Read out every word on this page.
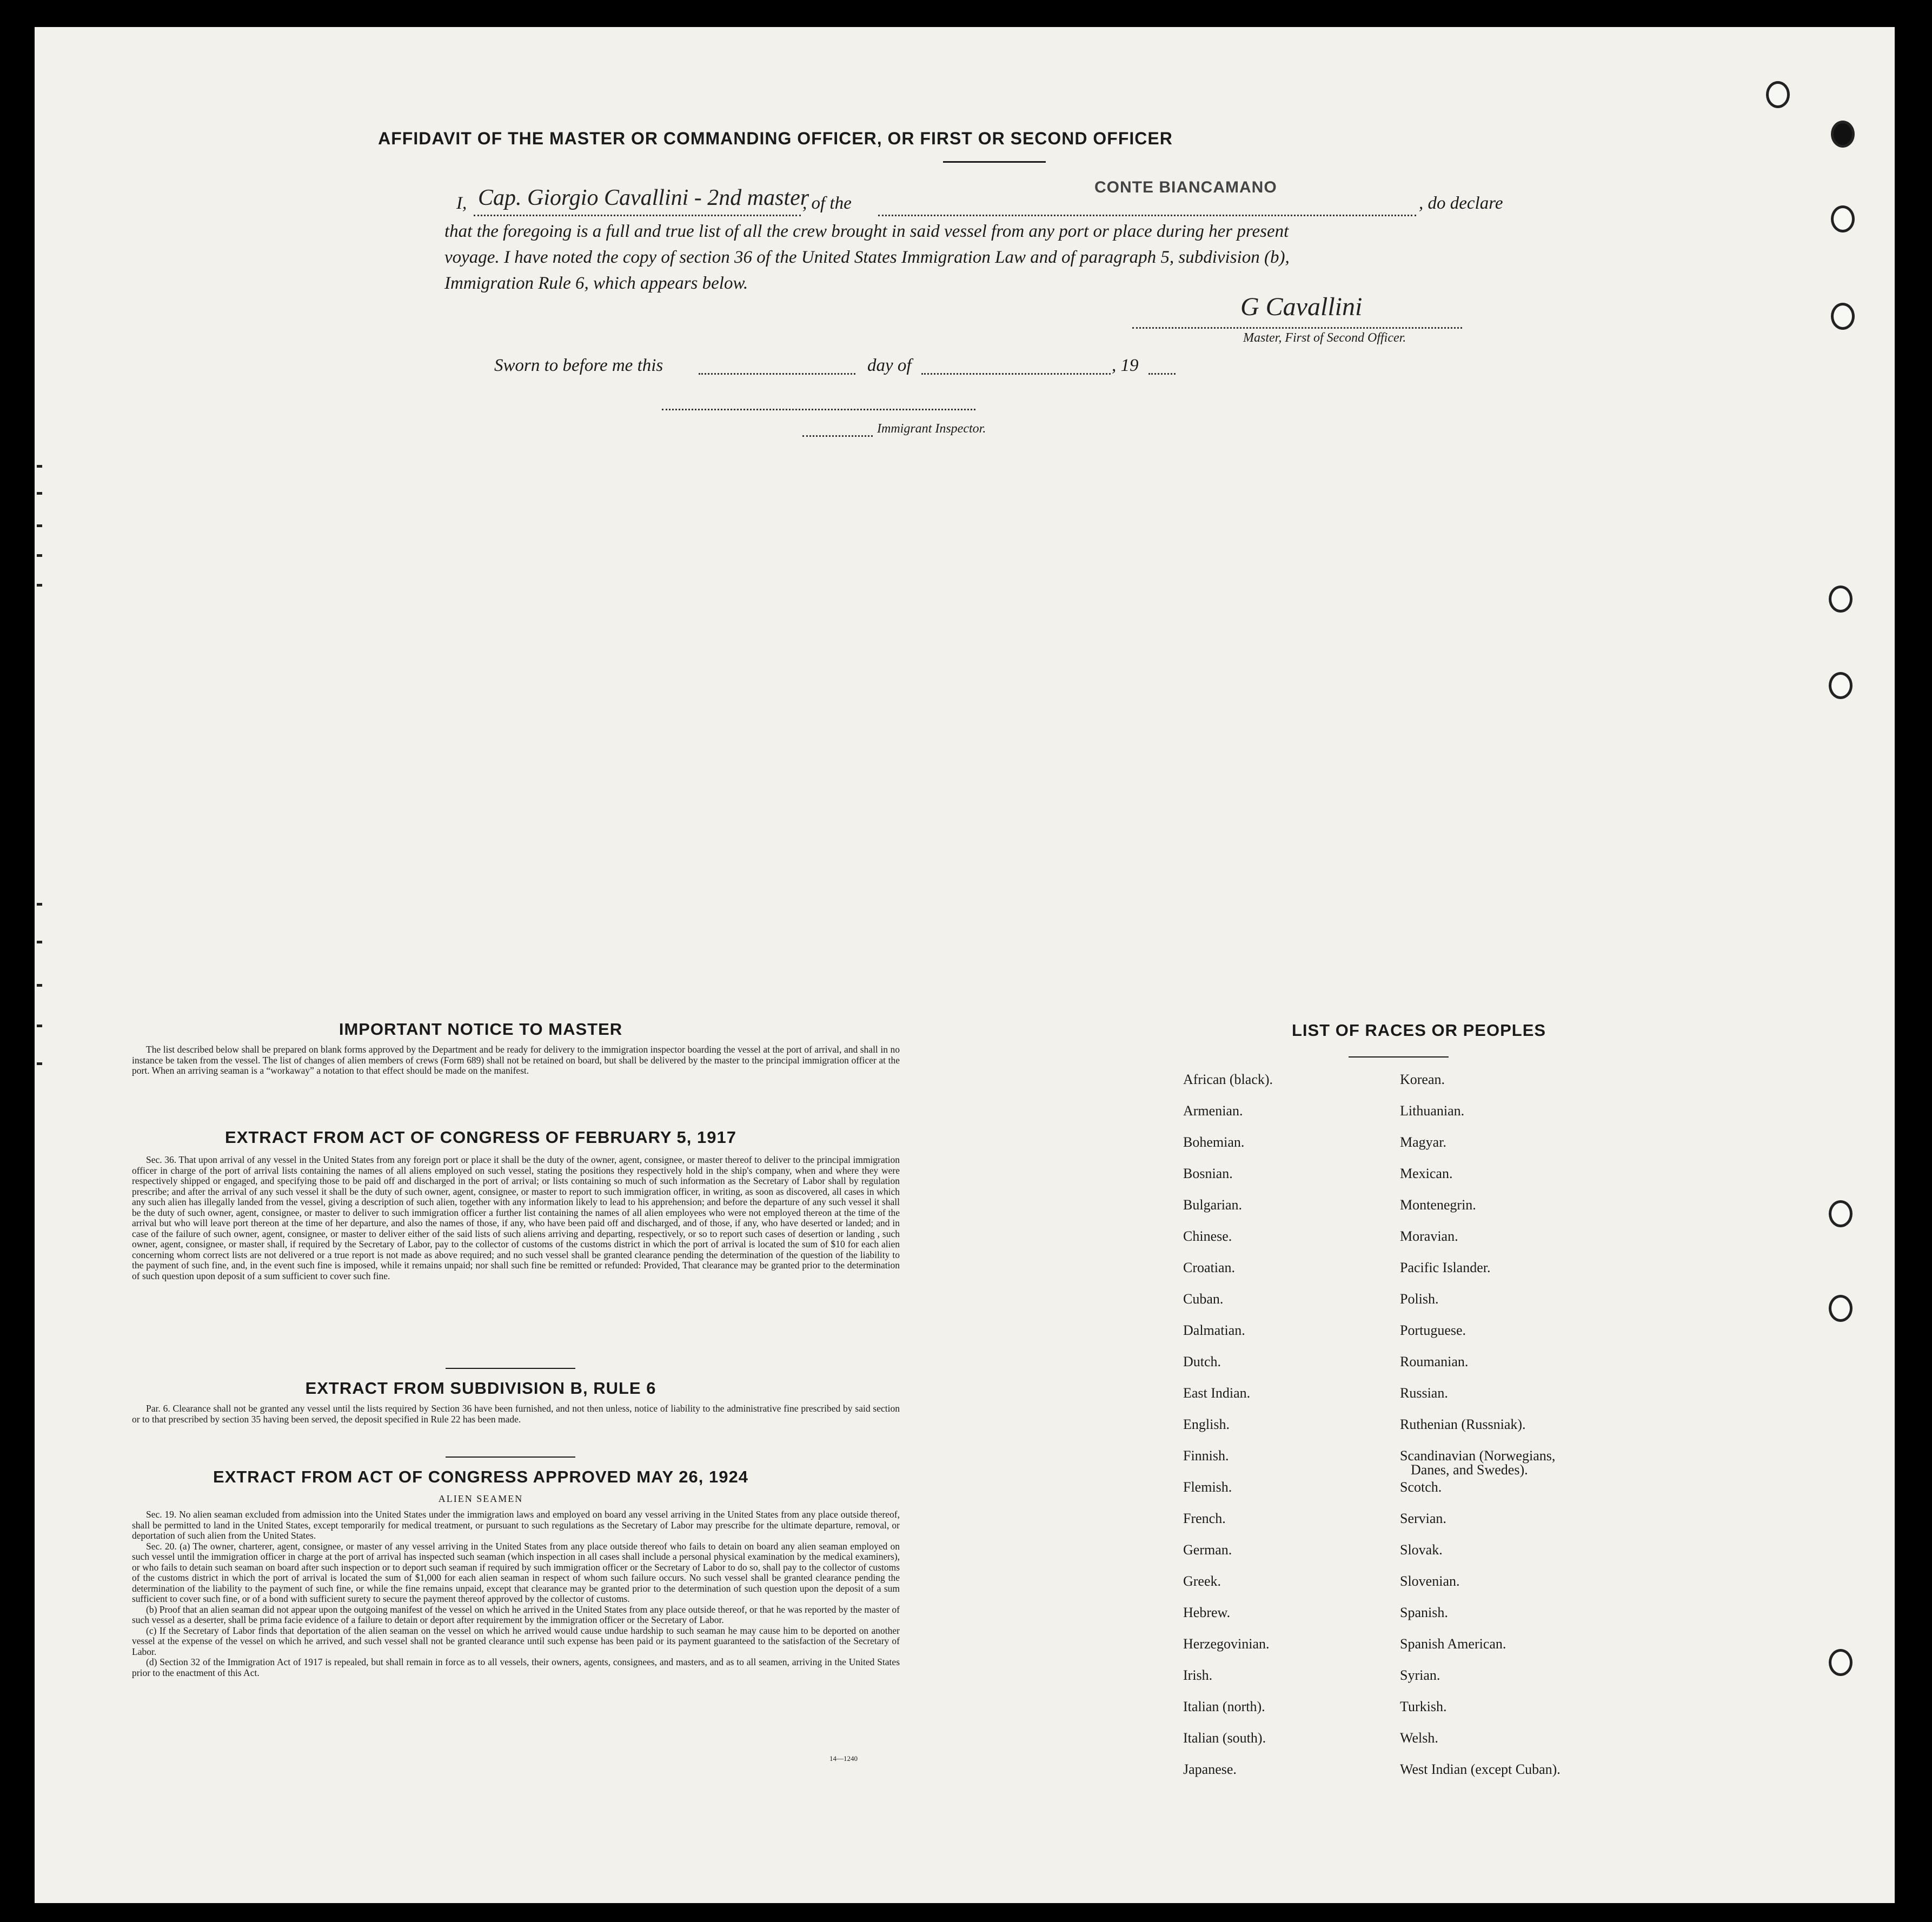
AFFIDAVIT OF THE MASTER OR COMMANDING OFFICER, OR FIRST OR SECOND OFFICER
I, Cap. Giorgio Cavallini - 2nd master
, of the
CONTE BIANCAMANO
, do declare
that the foregoing is a full and true list of all the crew brought in said vessel from any port or place during her present
voyage. I have noted the copy of section 36 of the United States Immigration Law and of paragraph 5, subdivision (b),
Immigration Rule 6, which appears below.
G Cavallini
Master, First of Second Officer.
Sworn to before me this	day of	, 19
Immigrant Inspector.
IMPORTANT NOTICE TO MASTER

The list described below shall be prepared on blank forms approved by the Department and be ready for delivery to the immigration inspector boarding the vessel at the port of arrival, and shall in no instance be taken from the vessel. The list of changes of alien members of crews (Form 689) shall not be retained on board, but shall be delivered by the master to the principal immigration officer at the port. When an arriving seaman is a “workaway” a notation to that effect should be made on the manifest.

EXTRACT FROM ACT OF CONGRESS OF FEBRUARY 5, 1917

Sec. 36. That upon arrival of any vessel in the United States from any foreign port or place it shall be the duty of the owner, agent, consignee, or master thereof to deliver to the principal immigration officer in charge of the port of arrival lists containing the names of all aliens employed on such vessel, stating the positions they respectively hold in the ship's company, when and where they were respectively shipped or engaged, and specifying those to be paid off and discharged in the port of arrival; or lists containing so much of such information as the Secretary of Labor shall by regulation prescribe; and after the arrival of any such vessel it shall be the duty of such owner, agent, consignee, or master to report to such immigration officer, in writing, as soon as discovered, all cases in which any such alien has illegally landed from the vessel, giving a description of such alien, together with any information likely to lead to his apprehension; and before the departure of any such vessel it shall be the duty of such owner, agent, consignee, or master to deliver to such immigration officer a further list containing the names of all alien employees who were not employed thereon at the time of the arrival but who will leave port thereon at the time of her departure, and also the names of those, if any, who have been paid off and discharged, and of those, if any, who have deserted or landed; and in case of the failure of such owner, agent, consignee, or master to deliver either of the said lists of such aliens arriving and departing, respectively, or so to report such cases of desertion or landing , such owner, agent, consignee, or master shall, if required by the Secretary of Labor, pay to the collector of customs of the customs district in which the port of arrival is located the sum of $10 for each alien concerning whom correct lists are not delivered or a true report is not made as above required; and no such vessel shall be granted clearance pending the determination of the question of the liability to the payment of such fine, and, in the event such fine is imposed, while it remains unpaid; nor shall such fine be remitted or refunded: Provided, That clearance may be granted prior to the determination of such question upon deposit of a sum sufficient to cover such fine.

EXTRACT FROM SUBDIVISION B, RULE 6

Par. 6. Clearance shall not be granted any vessel until the lists required by Section 36 have been furnished, and not then unless, notice of liability to the administrative fine prescribed by said section or to that prescribed by section 35 having been served, the deposit specified in Rule 22 has been made.

EXTRACT FROM ACT OF CONGRESS APPROVED MAY 26, 1924
ALIEN SEAMEN

Sec. 19. No alien seaman excluded from admission into the United States under the immigration laws and employed on board any vessel arriving in the United States from any place outside thereof, shall be permitted to land in the United States, except temporarily for medical treatment, or pursuant to such regulations as the Secretary of Labor may prescribe for the ultimate departure, removal, or deportation of such alien from the United States.

Sec. 20. (a) The owner, charterer, agent, consignee, or master of any vessel arriving in the United States from any place outside thereof who fails to detain on board any alien seaman employed on such vessel until the immigration officer in charge at the port of arrival has inspected such seaman (which inspection in all cases shall include a personal physical examination by the medical examiners), or who fails to detain such seaman on board after such inspection or to deport such seaman if required by such immigration officer or the Secretary of Labor to do so, shall pay to the collector of customs of the customs district in which the port of arrival is located the sum of $1,000 for each alien seaman in respect of whom such failure occurs. No such vessel shall be granted clearance pending the determination of the liability to the payment of such fine, or while the fine remains unpaid, except that clearance may be granted prior to the determination of such question upon the deposit of a sum sufficient to cover such fine, or of a bond with sufficient surety to secure the payment thereof approved by the collector of customs.

(b) Proof that an alien seaman did not appear upon the outgoing manifest of the vessel on which he arrived in the United States from any place outside thereof, or that he was reported by the master of such vessel as a deserter, shall be prima facie evidence of a failure to detain or deport after requirement by the immigration officer or the Secretary of Labor.

(c) If the Secretary of Labor finds that deportation of the alien seaman on the vessel on which he arrived would cause undue hardship to such seaman he may cause him to be deported on another vessel at the expense of the vessel on which he arrived, and such vessel shall not be granted clearance until such expense has been paid or its payment guaranteed to the satisfaction of the Secretary of Labor.

(d) Section 32 of the Immigration Act of 1917 is repealed, but shall remain in force as to all vessels, their owners, agents, consignees, and masters, and as to all seamen, arriving in the United States prior to the enactment of this Act.

14—1240
LIST OF RACES OR PEOPLES
African (black).
Armenian.
Bohemian.
Bosnian.
Bulgarian.
Chinese.
Croatian.
Cuban.
Dalmatian.
Dutch.
East Indian.
English.
Finnish.
Flemish.
French.
German.
Greek.
Hebrew.
Herzegovinian.
Irish.
Italian (north).
Italian (south).
Japanese.
Korean.
Lithuanian.
Magyar.
Mexican.
Montenegrin.
Moravian.
Pacific Islander.
Polish.
Portuguese.
Roumanian.
Russian.
Ruthenian (Russniak).
Scandinavian (Norwegians,
Danes, and Swedes).
Scotch.
Servian.
Slovak.
Slovenian.
Spanish.
Spanish American.
Syrian.
Turkish.
Welsh.
West Indian (except Cuban).
